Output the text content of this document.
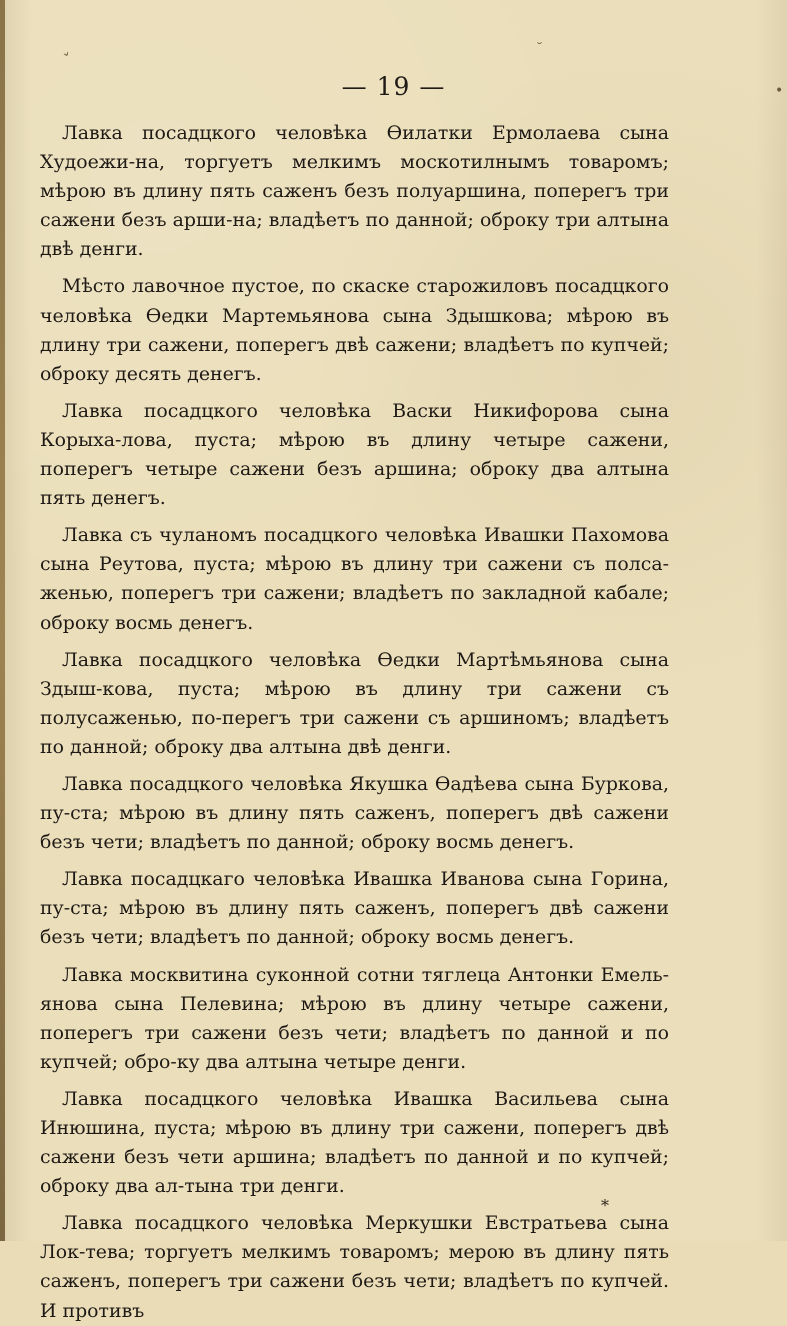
ˇ
˘
•
— 19 —

Лавка посадцкого человѣка Ѳилатки Ермолаева сына Худоежи-на, торгуетъ мелкимъ москотилнымъ товаромъ; мѣрою въ длину пять саженъ безъ полуаршина, поперегъ три сажени безъ арши-на; владѣетъ по данной; оброку три алтына двѣ денги.

Мѣсто лавочное пустое, по скаске старожиловъ посадцкого человѣка Ѳедки Мартемьянова сына Здышкова; мѣрою въ длину три сажени, поперегъ двѣ сажени; владѣетъ по купчей; оброку десять денегъ.

Лавка посадцкого человѣка Васки Никифорова сына Корыха-лова, пуста; мѣрою въ длину четыре сажени, поперегъ четыре сажени безъ аршина; оброку два алтына пять денегъ.

Лавка съ чуланомъ посадцкого человѣка Ивашки Пахомова сына Реутова, пуста; мѣрою въ длину три сажени съ полса-женью, поперегъ три сажени; владѣетъ по закладной кабале; оброку восмь денегъ.

Лавка посадцкого человѣка Ѳедки Мартѣмьянова сына Здыш-кова, пуста; мѣрою въ длину три сажени съ полусаженью, по-перегъ три сажени съ аршиномъ; владѣетъ по данной; оброку два алтына двѣ денги.

Лавка посадцкого человѣка Якушка Ѳадѣева сына Буркова, пу-ста; мѣрою въ длину пять саженъ, поперегъ двѣ сажени безъ чети; владѣетъ по данной; оброку восмь денегъ.

Лавка посадцкаго человѣка Ивашка Иванова сына Горина, пу-ста; мѣрою въ длину пять саженъ, поперегъ двѣ сажени безъ чети; владѣетъ по данной; оброку восмь денегъ.

Лавка москвитина суконной сотни тяглеца Антонки Емель-янова сына Пелевина; мѣрою въ длину четыре сажени, поперегъ три сажени безъ чети; владѣетъ по данной и по купчей; обро-ку два алтына четыре денги.

Лавка посадцкого человѣка Ивашка Васильева сына Инюшина, пуста; мѣрою въ длину три сажени, поперегъ двѣ сажени безъ чети аршина; владѣетъ по данной и по купчей; оброку два ал-тына три денги.

Лавка посадцкого человѣка Меркушки Евстратьева сына Лок-тева; торгуетъ мелкимъ товаромъ; мерою въ длину пять саженъ, поперегъ три сажени безъ чети; владѣетъ по купчей. И противъ

*
